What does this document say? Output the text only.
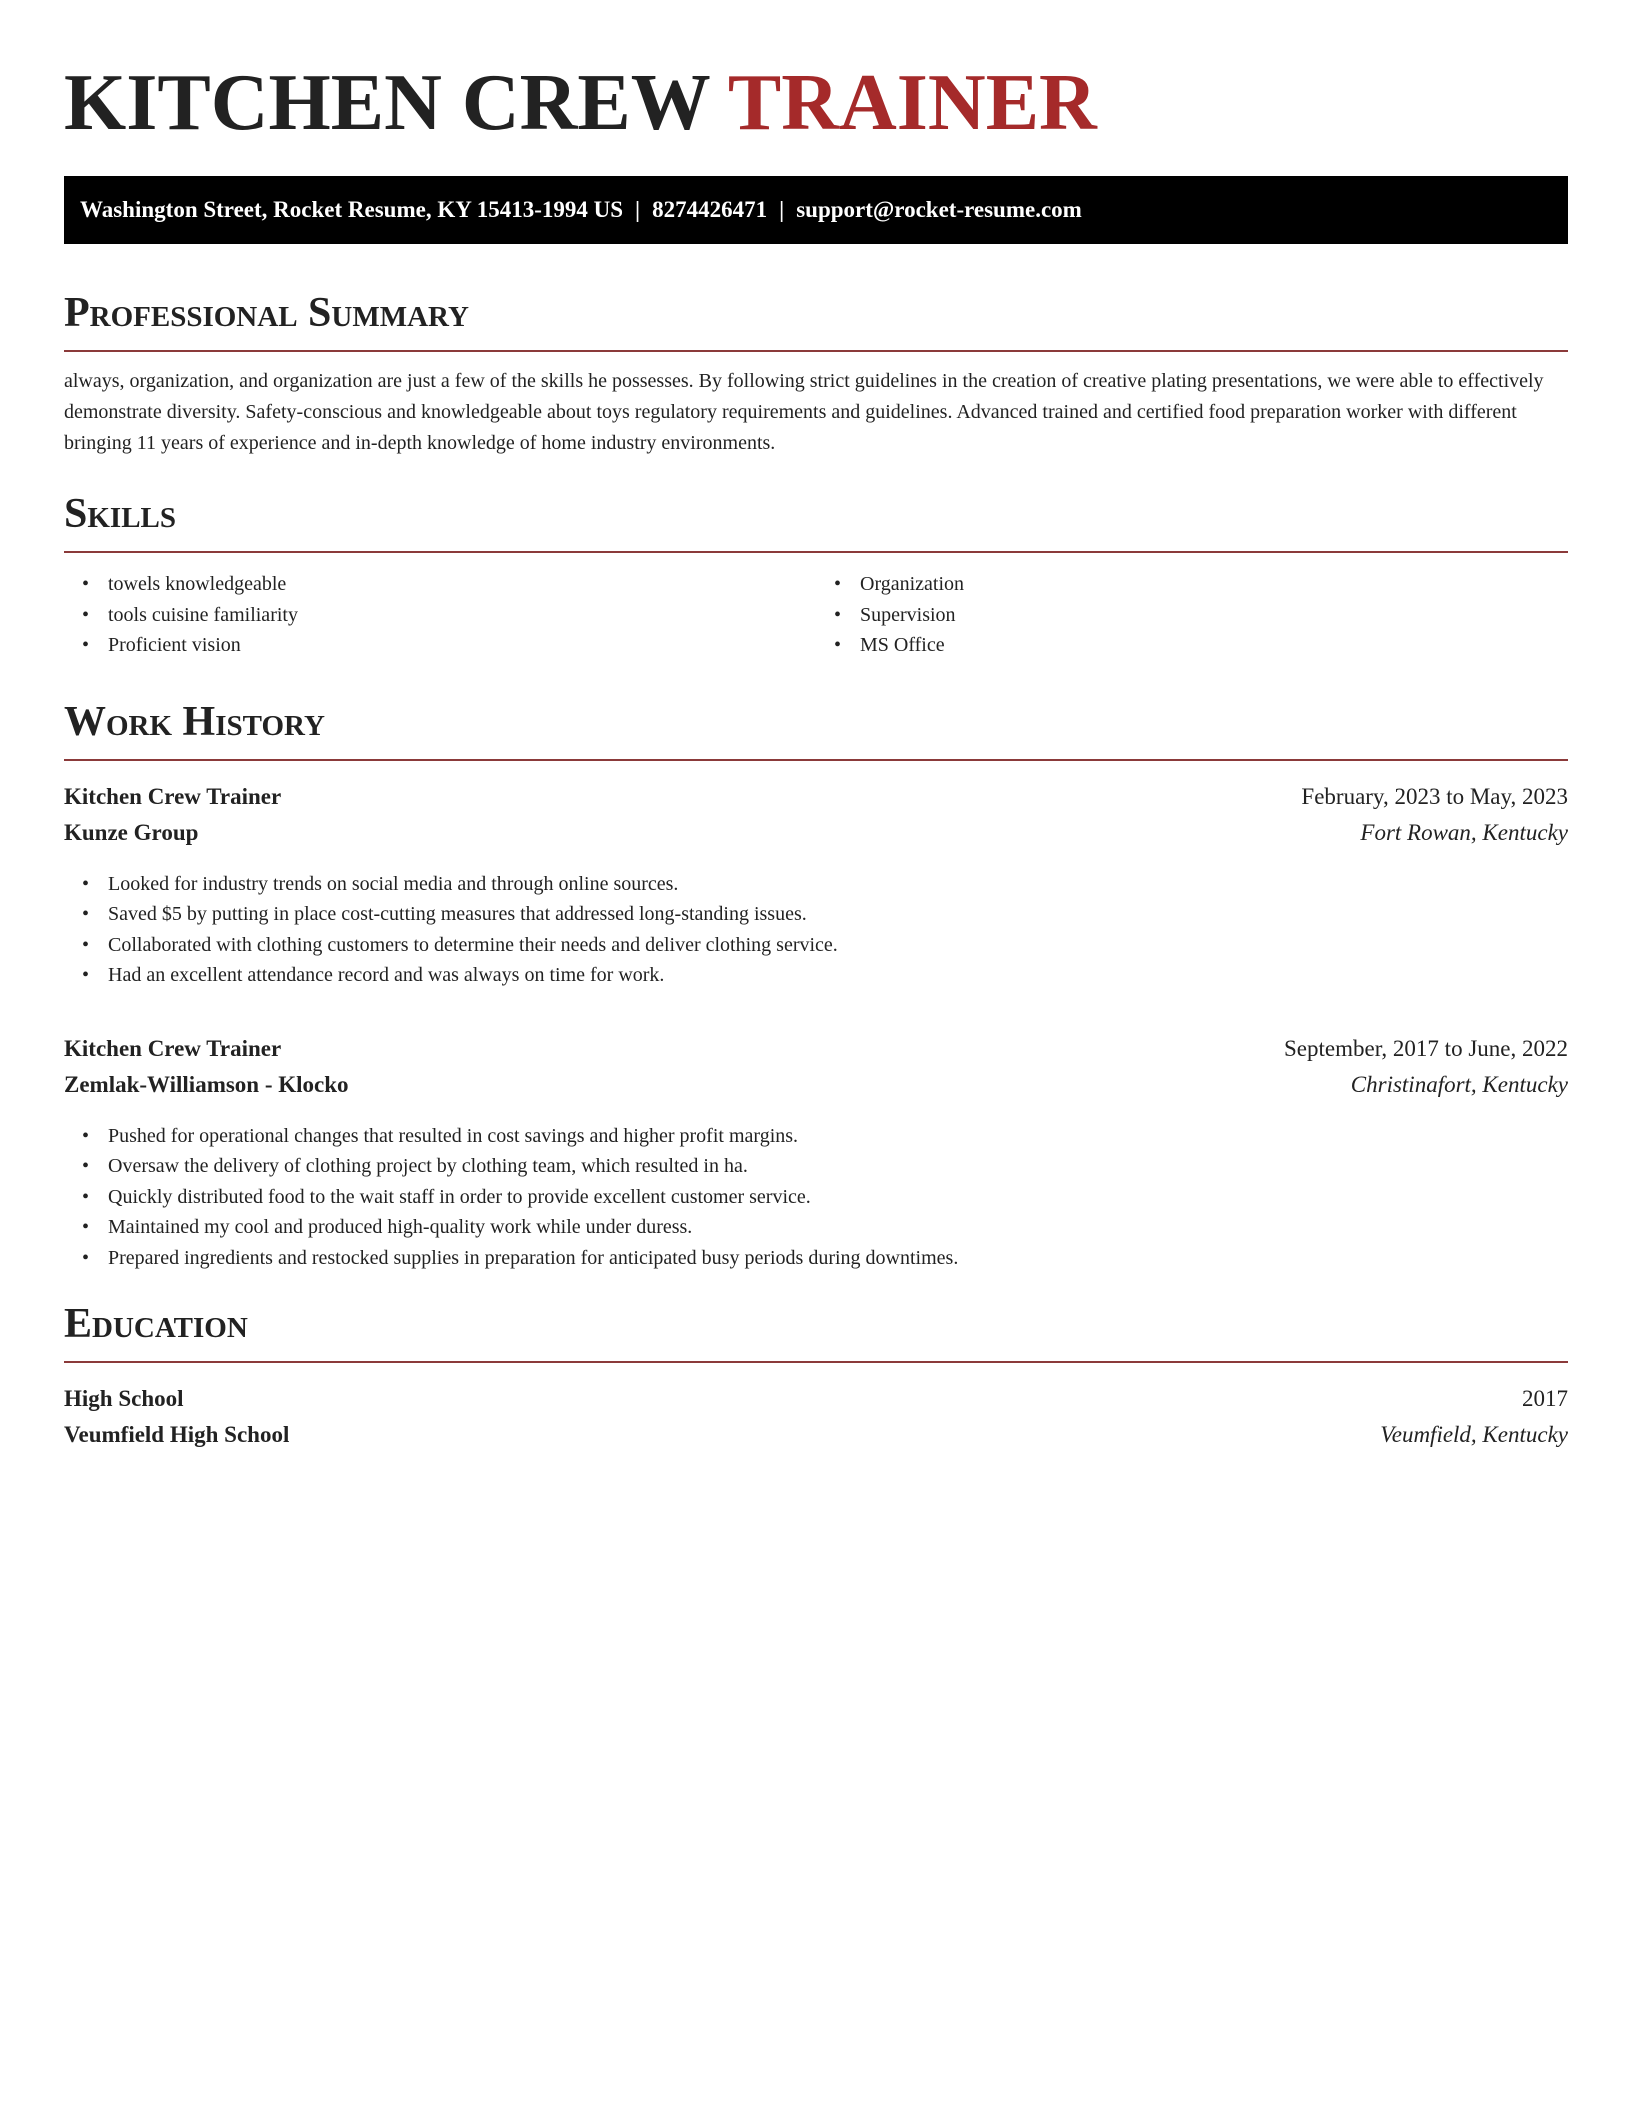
KITCHEN CREW TRAINER
Washington Street, Rocket Resume, KY 15413-1994 US | 8274426471 | support@rocket-resume.com
Professional Summary

always, organization, and organization are just a few of the skills he possesses. By following strict guidelines in the creation of creative plating presentations, we were able to effectively demonstrate diversity. Safety-conscious and knowledgeable about toys regulatory requirements and guidelines. Advanced trained and certified food preparation worker with different bringing 11 years of experience and in-depth knowledge of home industry environments.

Skills
• towels knowledgeable
• tools cuisine familiarity
• Proficient vision
• Organization
• Supervision
• MS Office
Work History
Kitchen Crew Trainer	February, 2023 to May, 2023
Kunze Group	Fort Rowan, Kentucky
• Looked for industry trends on social media and through online sources.
• Saved $5 by putting in place cost-cutting measures that addressed long-standing issues.
• Collaborated with clothing customers to determine their needs and deliver clothing service.
• Had an excellent attendance record and was always on time for work.
Kitchen Crew Trainer	September, 2017 to June, 2022
Zemlak-Williamson - Klocko	Christinafort, Kentucky
• Pushed for operational changes that resulted in cost savings and higher profit margins.
• Oversaw the delivery of clothing project by clothing team, which resulted in ha.
• Quickly distributed food to the wait staff in order to provide excellent customer service.
• Maintained my cool and produced high-quality work while under duress.
• Prepared ingredients and restocked supplies in preparation for anticipated busy periods during downtimes.
Education
High School	2017
Veumfield High School	Veumfield, Kentucky
